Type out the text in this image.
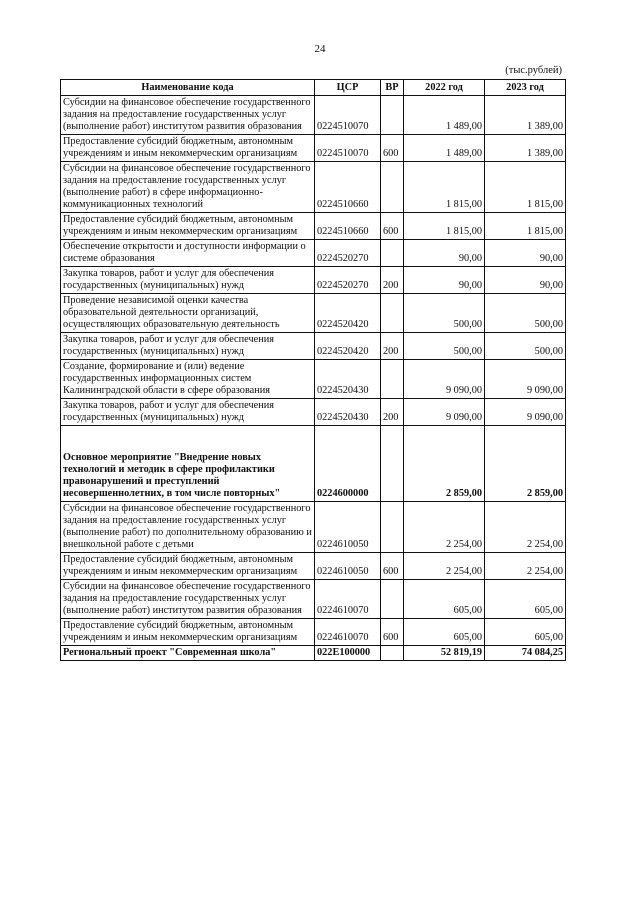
24
(тыс.рублей)
Наименование кода	ЦСР	ВР	2022 год	2023 год
Субсидии на финансовое обеспечение государственного задания на предоставление государственных услуг (выполнение работ) институтом развития образования	0224510070		1 489,00	1 389,00
Предоставление субсидий бюджетным, автономным учреждениям и иным некоммерческим организациям	0224510070	600	1 489,00	1 389,00
Субсидии на финансовое обеспечение государственного задания на предоставление государственных услуг (выполнение работ) в сфере информационно-коммуникационных технологий	0224510660		1 815,00	1 815,00
Предоставление субсидий бюджетным, автономным учреждениям и иным некоммерческим организациям	0224510660	600	1 815,00	1 815,00
Обеспечение открытости и доступности информации о системе образования	0224520270		90,00	90,00
Закупка товаров, работ и услуг для обеспечения государственных (муниципальных) нужд	0224520270	200	90,00	90,00
Проведение независимой оценки качества образовательной деятельности организаций, осуществляющих образовательную деятельность	0224520420		500,00	500,00
Закупка товаров, работ и услуг для обеспечения государственных (муниципальных) нужд	0224520420	200	500,00	500,00
Создание, формирование и (или) ведение государственных информационных систем Калининградской области в сфере образования	0224520430		9 090,00	9 090,00
Закупка товаров, работ и услуг для обеспечения государственных (муниципальных) нужд	0224520430	200	9 090,00	9 090,00
Основное мероприятие "Внедрение новых технологий и методик в сфере профилактики правонарушений и преступлений несовершеннолетних, в том числе повторных"	0224600000		2 859,00	2 859,00
Субсидии на финансовое обеспечение государственного задания на предоставление государственных услуг (выполнение работ) по дополнительному образованию и внешкольной работе с детьми	0224610050		2 254,00	2 254,00
Предоставление субсидий бюджетным, автономным учреждениям и иным некоммерческим организациям	0224610050	600	2 254,00	2 254,00
Субсидии на финансовое обеспечение государственного задания на предоставление государственных услуг (выполнение работ) институтом развития образования	0224610070		605,00	605,00
Предоставление субсидий бюджетным, автономным учреждениям и иным некоммерческим организациям	0224610070	600	605,00	605,00
Региональный проект "Современная школа"	022Е100000		52 819,19	74 084,25
